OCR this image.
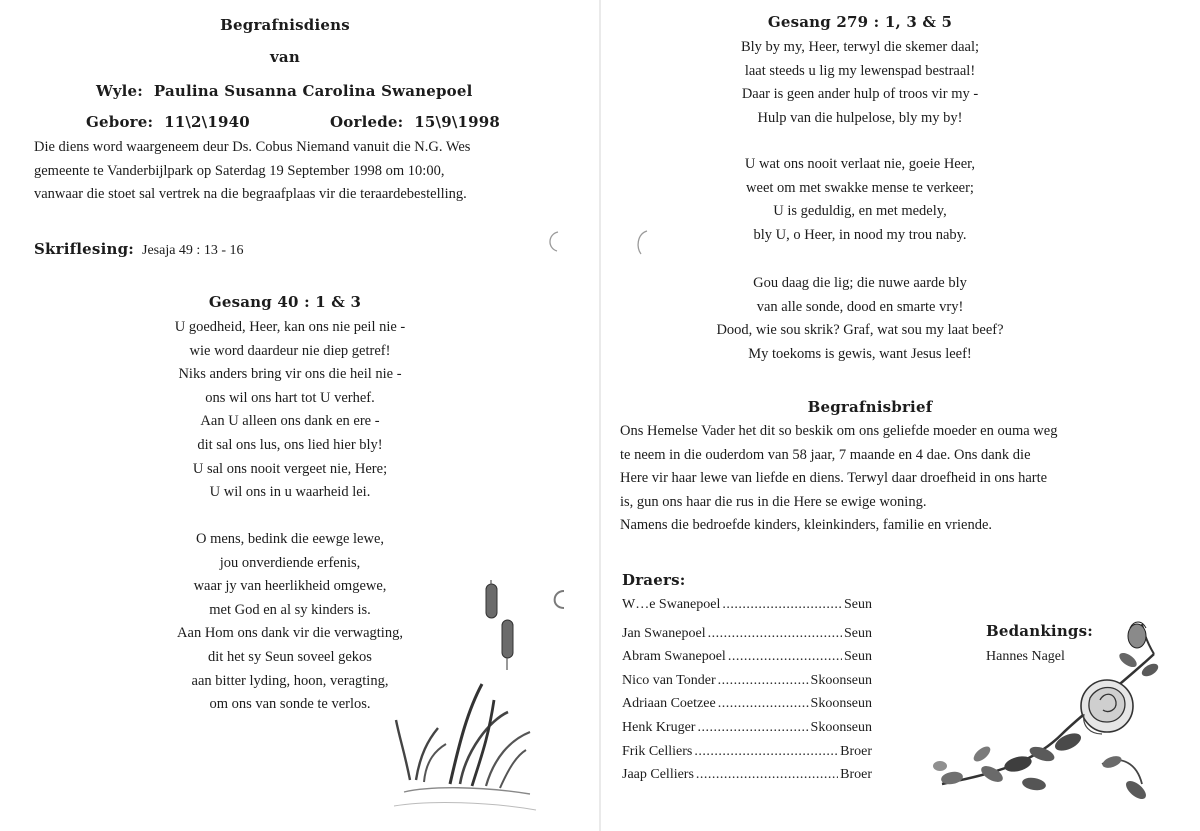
Begrafnisdiens
van
Wyle: Paulina Susanna Carolina Swanepoel
Gebore: 11\2\1940	Oorlede: 15\9\1998
Die diens word waargeneem deur Ds. Cobus Niemand vanuit die N.G. Wes
gemeente te Vanderbijlpark op Saterdag 19 September 1998 om 10:00,
vanwaar die stoet sal vertrek na die begraafplaas vir die teraardebestelling.
Skriflesing: Jesaja 49 : 13 - 16
Gesang 40 : 1 & 3
U goedheid, Heer, kan ons nie peil nie -
wie word daardeur nie diep getref!
Niks anders bring vir ons die heil nie -
ons wil ons hart tot U verhef.
Aan U alleen ons dank en ere -
dit sal ons lus, ons lied hier bly!
U sal ons nooit vergeet nie, Here;
U wil ons in u waarheid lei.
O mens, bedink die eewge lewe,
jou onverdiende erfenis,
waar jy van heerlikheid omgewe,
met God en al sy kinders is.
Aan Hom ons dank vir die verwagting,
dit het sy Seun soveel gekos
aan bitter lyding, hoon, veragting,
om ons van sonde te verlos.
Gesang 279 : 1, 3 & 5
Bly by my, Heer, terwyl die skemer daal;
laat steeds u lig my lewenspad bestraal!
Daar is geen ander hulp of troos vir my -
Hulp van die hulpelose, bly my by!
U wat ons nooit verlaat nie, goeie Heer,
weet om met swakke mense te verkeer;
U is geduldig, en met medely,
bly U, o Heer, in nood my trou naby.
Gou daag die lig; die nuwe aarde bly
van alle sonde, dood en smarte vry!
Dood, wie sou skrik? Graf, wat sou my laat beef?
My toekoms is gewis, want Jesus leef!
Begrafnisbrief
Ons Hemelse Vader het dit so beskik om ons geliefde moeder en ouma weg
te neem in die ouderdom van 58 jaar, 7 maande en 4 dae. Ons dank die
Here vir haar lewe van liefde en diens. Terwyl daar droefheid in ons harte
is, gun ons haar die rus in die Here se ewige woning.
Namens die bedroefde kinders, kleinkinders, familie en vriende.
Draers:
W…e Swanepoel .....	Seun
Jan Swanepoel .....	Seun
Abram Swanepoel .....	Seun
Nico van Tonder .....	Skoonseun
Adriaan Coetzee .....	Skoonseun
Henk Kruger .....	Skoonseun
Frik Celliers .....	Broer
Jaap Celliers .....	Broer
Bedankings:
Hannes Nagel
